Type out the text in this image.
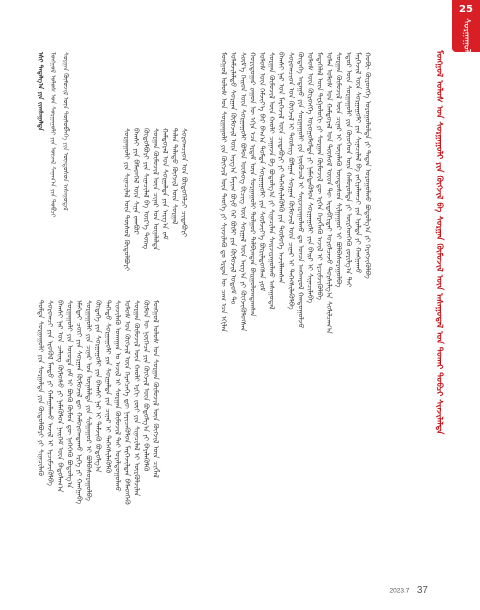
25
ᠰᠤᠷᠭᠠᠭᠤᠯᠢ
ᠮᠣᠩᠭᠣᠯ ᠤᠯᠤᠰ ᠤᠨ ᠰᠤᠷᠭᠠᠭᠤᠯᠢ ᠶᠢᠨ ᠬᠥᠭᠵᠢᠯ ᠪᠠ ᠰᠤᠷᠭᠠᠨ ᠬᠦᠮᠦᠵᠢᠯ ᠦᠨ ᠠᠰᠠᠭᠤᠳᠠᠯ ᠤᠨ ᠲᠤᠬᠠᠢ ᠲᠣᠪᠴᠢ ᠰᠢᠨᠵᠢᠯᠡᠯᠲᠡ
ᠮᠣᠩᠭᠣᠯ ᠤᠯᠤᠰ ᠤᠨ ᠰᠤᠷᠭᠠᠭᠤᠯᠢ ᠶᠢᠨ ᠬᠥᠭᠵᠢᠯ ᠦᠨ ᠲᠡᠦᠬᠡ ᠶᠢ ᠰᠢᠨᠵᠢᠯᠡᠬᠦ ᠳᠤ ᠡᠷᠲᠡᠨ ᠦ ᠴᠠᠭ ᠡᠴᠡ ᠡᠬᠢᠯᠡᠨ ᠤᠯᠠᠮᠵᠢᠯᠠᠯᠲᠤ ᠰᠤᠷᠭᠠᠨ ᠬᠦᠮᠦᠵᠢᠯ ᠦᠨ ᠠᠷᠭ᠎ᠠ ᠮᠠᠶᠢᠭ ᠪᠤᠶᠤ ᠭᠡᠷ ᠪᠦᠯᠢ ᠶᠢᠨ ᠬᠦᠮᠦᠵᠢᠯ ᠤᠳᠤᠮ ᠲᠤ ᠰᠦᠮ᠎ᠡ ᠬᠡᠢᠳ ᠦᠨ ᠰᠤᠷᠭᠠᠭᠤᠯᠢ ᠪᠤᠯᠤᠨ ᠦᠰᠦᠭ ᠪᠢᠴᠢᠭ ᠦᠨ ᠰᠤᠷᠭᠠᠯ ᠦᠨ ᠠᠷᠭ᠎ᠠ ᠶᠢ ᠬᠥᠭᠵᠢᠭᠦᠯᠦᠭᠰᠡᠨ ᠬᠣᠷᠢᠳᠤᠭᠠᠷ ᠵᠠᠭᠤᠨ ᠦ ᠡᠬᠢᠨ ᠡᠴᠡ ᠡᠷᠲᠡᠮ ᠦᠨ ᠰᠤᠷᠭᠠᠭᠤᠯᠢ ᠲᠤᠯᠭᠤᠷ ᠲᠠᠯᠪᠢᠭᠳᠠᠨ ᠪᠠᠢᠭᠤᠯᠤᠭᠳᠠᠭᠰᠠᠨ ᠤᠯᠤᠰ ᠦᠨ ᠬᠡᠮᠵᠢᠶ᠎ᠡ ᠪᠡᠷ ᠪᠠᠭ᠎ᠠ ᠳᠤᠮᠳᠠ ᠰᠤᠷᠭᠠᠭᠤᠯᠢ ᠶᠢᠨ ᠰᠦᠯᠵᠢᠶ᠎ᠡ ᠪᠦᠷᠢᠯᠳᠦᠭᠰᠡᠨ ᠶᠤᠮ ᠰᠤᠷᠭᠠᠨ ᠬᠦᠮᠦᠵᠢᠯ ᠦᠨ ᠬᠠᠤᠯᠢ ᠴᠠᠭᠠᠵᠠ ᠪᠠ ᠪᠣᠳᠣᠯᠭ᠎ᠠ ᠶᠢ ᠰᠢᠨᠡᠴᠢᠯᠡᠨ ᠰᠠᠢᠵᠢᠷᠠᠭᠤᠯᠬᠤ ᠠᠰᠠᠭᠤᠳᠠᠯ ᠪᠠᠭᠰᠢ ᠨᠠᠷ ᠤᠨ ᠮᠡᠷᠭᠡᠵᠢᠯ ᠦᠨ ᠴᠢᠳᠠᠪᠤᠷᠢ ᠶᠢ ᠳᠡᠭᠡᠭᠰᠢᠯᠡᠭᠦᠯᠬᠦ ᠶᠢᠨ ᠲᠥᠯᠥᠭᠡ ᠠᠵᠢᠯᠯᠠᠭᠰᠠᠨ ᠰᠤᠷᠤᠭᠴᠢᠳ ᠤᠨ ᠬᠥᠭᠵᠢᠯ ᠢ ᠲᠦᠰᠢᠭ ᠪᠣᠯᠭᠠᠨ ᠰᠤᠷᠭᠠᠨ ᠬᠦᠮᠦᠵᠢᠯ ᠦᠨ ᠴᠢᠨᠠᠷ ᠢ ᠳᠡᠭᠡᠭᠰᠢᠯᠡᠭᠦᠯᠪᠡ ᠬᠥᠳᠡᠭᠡ ᠠᠳᠠᠭᠤ ᠶᠢᠨ ᠰᠤᠷᠭᠠᠭᠤᠯᠢ ᠶᠢᠨ ᠨᠥᠬᠥᠴᠡᠯ ᠢ ᠰᠠᠢᠵᠢᠷᠠᠭᠤᠯᠬᠤ ᠳᠤ ᠣᠨᠴᠠ ᠠᠩᠬᠠᠷᠤᠯ ᠬᠠᠨᠳᠤᠭᠤᠯᠵᠤ ᠤᠯᠤᠰ ᠦᠨ ᠬᠥᠷᠥᠩᠭᠡ ᠣᠷᠤᠭᠤᠯᠤᠯᠲᠠ ᠶᠢ ᠨᠡᠮᠡᠭᠳᠡᠭᠦᠯᠦᠨ ᠰᠤᠷᠭᠠᠭᠤᠯᠢ ᠶᠢᠨ ᠪᠠᠢᠷ ᠢ ᠰᠢᠨᠡᠴᠢᠯᠡᠪᠡ ᠮᠡᠳᠡᠭᠡᠯᠡᠯ ᠦᠨ ᠲᠧᠺᠨᠣᠯᠣᠭᠢ ᠶᠢ ᠰᠤᠷᠭᠠᠨ ᠬᠦᠮᠦᠵᠢᠯ ᠳᠦ ᠡᠷᠭᠡᠨ ᠬᠡᠷᠡᠭᠯᠡᠬᠦ ᠠᠵᠢᠯ ᠢ ᠡᠷᠴᠢᠮᠵᠢᠭᠦᠯᠪᠡ ᠣᠯᠠᠨ ᠤᠯᠤᠰ ᠤᠨ ᠬᠠᠮᠲᠤᠷᠠᠯ ᠤᠨ ᠲᠥᠰᠦᠯ ᠦᠳ ᠲᠦ ᠢᠳᠡᠪᠬᠢᠲᠡᠢ ᠣᠷᠤᠯᠴᠠᠵᠤ ᠲᠤᠷᠰᠢᠯᠭ᠎ᠠ ᠰᠤᠯᠢᠯᠴᠠᠭ᠎ᠠ ᠰᠤᠷᠭᠠᠨ ᠬᠦᠮᠦᠵᠢᠯ ᠦᠨ ᠴᠢᠨᠠᠷ ᠢ ᠦᠨᠡᠯᠡᠬᠦ ᠦᠨᠳᠦᠰᠦᠨ ᠰᠢᠯᠭᠠᠭᠤᠷ ᠢ ᠪᠣᠯᠪᠠᠰᠤᠷᠠᠭᠤᠯᠪᠠ ᠡᠳᠦᠷ ᠦᠨ ᠰᠤᠷᠭᠠᠭᠤᠯᠢ ᠶᠢᠨ ᠬᠦᠦᠬᠡᠳ ᠦᠨ ᠬᠠᠮᠤᠷᠤᠯᠲᠠ ᠶᠢ ᠥᠷᠭᠡᠳᠭᠡᠬᠦ ᠵᠣᠷᠢᠯᠭ᠎ᠠ ᠲᠠᠢ ᠮᠡᠷᠭᠡᠵᠢᠯ ᠦᠨ ᠰᠤᠷᠭᠠᠭᠤᠯᠢ ᠶᠢᠨ ᠰᠢᠨᠡᠴᠢᠯᠡᠯ ᠪᠠ ᠵᠠᠬᠢᠶᠠᠯᠠᠭᠴᠢ ᠶᠢᠨ ᠡᠷᠡᠯᠲᠡ ᠶᠢ ᠬᠠᠩᠭᠠᠬᠤ ᠬᠤᠪᠢ ᠬᠥᠷᠥᠩᠭᠡ ᠣᠷᠤᠭᠤᠯᠤᠯᠲᠠ ᠶᠢ ᠲᠠᠲᠠᠨ ᠣᠷᠤᠭᠤᠯᠬᠤ ᠪᠣᠳᠣᠯᠭ᠎ᠠ ᠶᠢ ᠬᠡᠷᠡᠭᠵᠢᠭᠦᠯᠪᠡ
ᠡᠰᠢ ᠲᠠᠲᠠᠯᠭ᠎ᠠ ᠶᠢᠨ ᠵᠢᠭᠰᠠᠭᠠᠯᠲᠠ ᠮᠣᠩᠭᠣᠯ ᠤᠯᠤᠰ ᠤᠨ ᠰᠤᠷᠭᠠᠭᠤᠯᠢ ᠶᠢᠨ ᠦᠵᠡᠯ ᠰᠠᠨᠠᠭ᠎ᠠ ᠶᠢᠨ ᠲᠣᠪᠴᠢ ᠰᠤᠷᠭᠠᠨ ᠬᠦᠮᠦᠵᠢᠯ ᠦᠨ ᠲᠥᠯᠥᠪᠯᠡᠭᠡ ᠶᠢᠨ ᠦᠨᠳᠦᠰᠦᠨ ᠠᠰᠠᠭᠤᠳᠠᠯ	ᠰᠤᠷᠭᠠᠭᠤᠯᠢ ᠶᠢᠨ ᠰᠢᠨᠡᠴᠢᠯᠡᠯ ᠦᠨ ᠲᠥᠰᠦᠯ ᠬᠥᠲᠥᠯᠪᠦᠷᠢ ᠪᠠᠭᠰᠢ ᠶᠢᠨ ᠪᠡᠯᠡᠳᠬᠡᠯ ᠦᠨ ᠰᠢᠨᠡ ᠵᠠᠭᠪᠤᠷ ᠬᠥᠲᠥᠯᠪᠦᠷᠢ ᠶᠢᠨ ᠰᠢᠨᠡᠴᠢᠯᠡᠯ ᠪᠠ ᠦᠷ᠎ᠡ ᠳᠦᠩ ᠰᠤᠷᠭᠠᠨ ᠬᠦᠮᠦᠵᠢᠯ ᠦᠨ ᠴᠢᠨᠠᠷ ᠤᠨ ᠦᠨᠡᠯᠡᠯᠲᠡ ᠬᠠᠮᠲᠤᠷᠠᠯ ᠤᠨ ᠰᠤᠷᠭᠠᠯᠲᠠ ᠶᠢᠨ ᠠᠷᠭ᠎ᠠ ᠵᠠᠮ ᠲᠠᠯᠠᠨ ᠲᠠᠯᠠᠲᠤ ᠬᠥᠭᠵᠢᠯ ᠦᠨ ᠰᠤᠷᠭᠠᠯ ᠰᠤᠷᠤᠭᠴᠢᠳ ᠤᠨ ᠪᠦᠲᠦᠭᠡᠯᠴᠢ ᠴᠢᠳᠠᠪᠤᠷᠢ
ᠳᠤᠮᠳᠠ ᠰᠤᠷᠭᠠᠭᠤᠯᠢ ᠶᠢᠨ ᠰᠤᠷᠭᠠᠯᠲᠠ ᠶᠢᠨ ᠬᠥᠲᠥᠯᠪᠦᠷᠢ ᠶᠢ ᠰᠢᠨᠡᠴᠢᠯᠡᠬᠦ ᠰᠤᠷᠤᠭᠴᠢ ᠶᠢᠨ ᠡᠷᠦᠬᠦᠯ ᠮᠡᠨᠳᠦ ᠶᠢ ᠬᠠᠮᠠᠭᠠᠯᠠᠬᠤ ᠠᠵᠢᠯ ᠢ ᠡᠷᠴᠢᠮᠵᠢᠭᠦᠯᠪᠡ ᠪᠠᠭᠰᠢ ᠨᠠᠷ ᠤᠨ ᠴᠠᠯᠢᠩ ᠬᠥᠯᠥᠰᠦ ᠶᠢ ᠨᠡᠮᠡᠭᠦᠯᠦᠨ ᠨᠡᠢᠭᠡᠮ ᠦᠨ ᠪᠠᠲᠤᠯᠠᠭ᠎ᠠ ᠰᠤᠷᠭᠠᠭᠤᠯᠢ ᠶᠢᠨ ᠦᠦᠳᠡ ᠵᠠᠮ ᠢ ᠪᠦᠬᠦ ᠬᠦᠮᠦᠨ ᠳᠦ ᠨᠡᠭᠡᠭᠡᠬᠦ ᠪᠣᠳᠣᠯᠭ᠎ᠠ ᠡᠮᠡᠭᠲᠡᠢ ᠴᠦᠢ ᠶᠢᠨ ᠰᠤᠷᠭᠠᠨ ᠬᠦᠮᠦᠵᠢᠯ ᠳᠦ ᠬᠠᠮᠤᠷᠤᠭᠳᠠᠬᠤ ᠡᠷᠬᠡ ᠶᠢ ᠬᠠᠩᠭᠠᠪᠠ ᠰᠤᠷᠭᠠᠭᠤᠯᠢ ᠶᠢᠨ ᠴᠢᠨᠠᠷ ᠤᠨ ᠦᠨᠡᠯᠡᠯᠲᠡ ᠶᠢᠨ ᠰᠢᠯᠭᠠᠭᠤᠷ ᠢ ᠪᠣᠯᠪᠠᠰᠤᠷᠠᠭᠤᠯᠪᠠ ᠬᠥᠳᠡᠭᠡ ᠶᠢᠨ ᠰᠤᠷᠭᠠᠭᠤᠯᠢ ᠶᠢᠨ ᠪᠠᠭᠰᠢ ᠨᠠᠷ ᠢ ᠳᠡᠮᠵᠢᠬᠦ ᠪᠣᠳᠣᠯᠭ᠎ᠠ ᠳᠡᠭᠡᠳᠦ ᠰᠤᠷᠭᠠᠭᠤᠯᠢ ᠶᠢᠨ ᠰᠤᠷᠭᠠᠯᠲᠠ ᠶᠢᠨ ᠴᠢᠨᠠᠷ ᠢ ᠳᠡᠭᠡᠭᠰᠢᠯᠡᠭᠦᠯᠬᠦ ᠰᠢᠨᠵᠢᠯᠡᠬᠦ ᠤᠬᠠᠭᠠᠨ ᠤ ᠠᠵᠢᠯ ᠢ ᠰᠤᠷᠭᠠᠨ ᠬᠦᠮᠦᠵᠢᠯ ᠲᠡᠢ ᠤᠶᠠᠯᠳᠤᠭᠤᠯᠬᠤ ᠤᠯᠤᠰ ᠤᠨ ᠬᠥᠭᠵᠢᠯ ᠦᠨ ᠬᠡᠷᠡᠭᠴᠡᠭᠡ ᠳᠦ ᠨᠡᠶᠢᠴᠡᠭᠦᠯᠦᠨ ᠮᠡᠷᠭᠡᠵᠢᠯᠲᠡᠨ ᠪᠡᠯᠡᠳᠬᠡᠬᠦ ᠰᠤᠷᠭᠠᠨ ᠬᠦᠮᠦᠵᠢᠯ ᠦᠨ ᠬᠠᠤᠯᠢ ᠡᠷᠬᠢ ᠵᠦᠢ ᠶᠢᠨ ᠰᠢᠨᠡᠴᠢᠯᠡᠯ ᠢ ᠦᠷᠭᠦᠯᠵᠢᠯᠡᠨ ᠬᠦᠮᠦᠨ ᠦ ᠨᠥᠭᠡᠴᠡ ᠶᠢᠨ ᠬᠥᠭᠵᠢᠯ ᠦᠨ ᠪᠣᠳᠣᠯᠭ᠎ᠠ ᠶᠢ ᠪᠡᠶᠡᠯᠡᠭᠦᠯᠬᠦ ᠮᠣᠩᠭᠣᠯ ᠤᠯᠤᠰ ᠤᠨ ᠰᠤᠷᠭᠠᠨ ᠬᠦᠮᠦᠵᠢᠯ ᠦᠨ ᠬᠥᠭᠵᠢᠯ ᠦᠨ ᠴᠢᠭᠯᠡᠯ
2023.7 37
